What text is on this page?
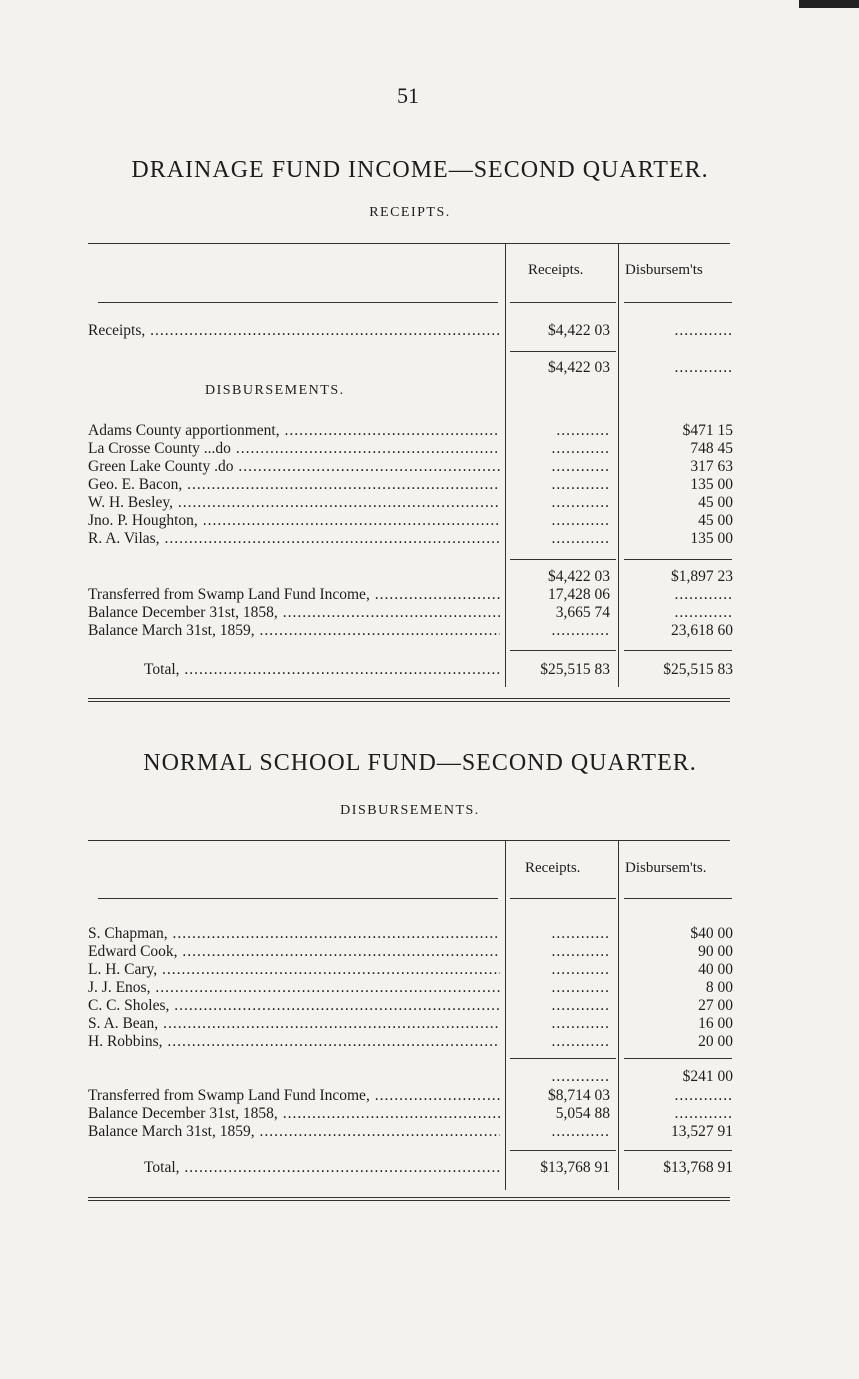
51
DRAINAGE FUND INCOME—SECOND QUARTER.
RECEIPTS.
Receipts.	Disbursem'ts
Receipts, .....	$4,422 03	............
$4,422 03	............
DISBURSEMENTS.
Adams County apportionment, .....	...........	$471 15
La Crosse County ...do .....	............	748 45
Green Lake County .do .....	............	317 63
Geo. E. Bacon, .....	............	135 00
W. H. Besley, .....	............	45 00
Jno. P. Houghton, .....	............	45 00
R. A. Vilas, .....	............	135 00
$4,422 03	$1,897 23
Transferred from Swamp Land Fund Income, .....	17,428 06	............
Balance December 31st, 1858, .....	3,665 74	............
Balance March 31st, 1859, .....	............	23,618 60
Total, .....	$25,515 83	$25,515 83
NORMAL SCHOOL FUND—SECOND QUARTER.
DISBURSEMENTS.
Receipts.	Disbursem'ts.
S. Chapman, .....	............	$40 00
Edward Cook, .....	............	90 00
L. H. Cary, .....	............	40 00
J. J. Enos, .....	............	8 00
C. C. Sholes, .....	............	27 00
S. A. Bean, .....	............	16 00
H. Robbins, .....	............	20 00
............	$241 00
Transferred from Swamp Land Fund Income, .....	$8,714 03	............
Balance December 31st, 1858, .....	5,054 88	............
Balance March 31st, 1859, .....	............	13,527 91
Total, .....	$13,768 91	$13,768 91
